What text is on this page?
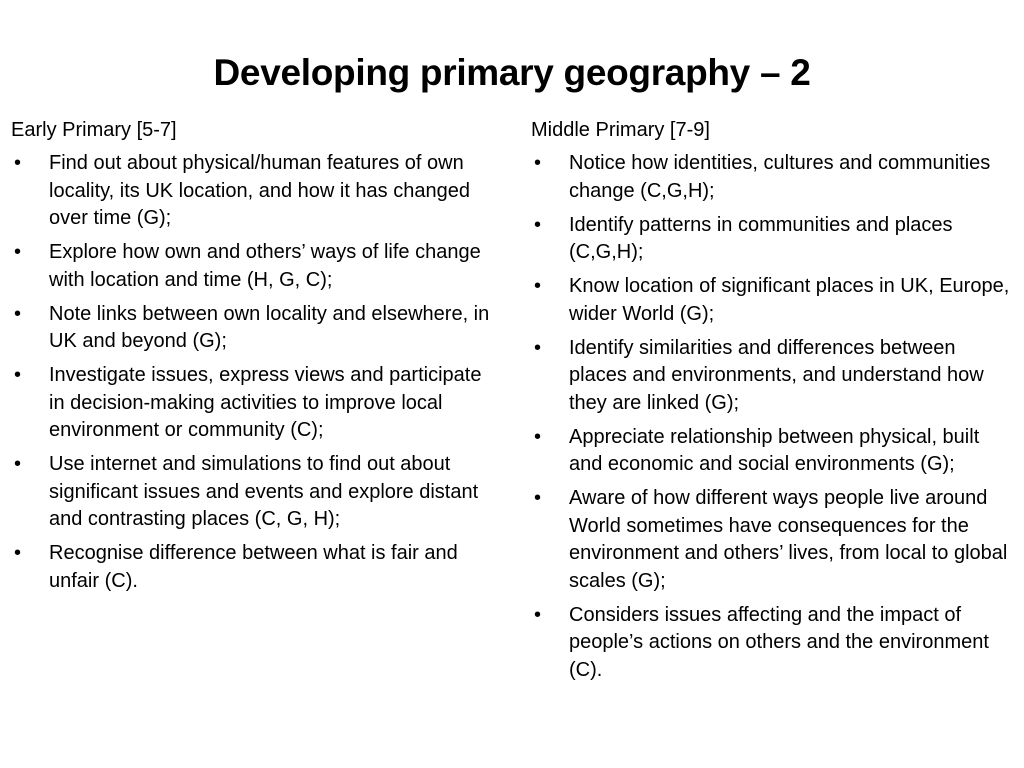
Developing primary geography – 2
Early Primary [5-7]
• Find out about physical/human features of own locality, its UK location, and how it has changed over time (G);
• Explore how own and others’ ways of life change with location and time (H, G, C);
• Note links between own locality and elsewhere, in UK and beyond (G);
• Investigate issues, express views and participate in decision-making activities to improve local environment or community (C);
• Use internet and simulations to find out about significant issues and events and explore distant and contrasting places (C, G, H);
• Recognise difference between what is fair and unfair (C).
Middle Primary [7-9]
• Notice how identities, cultures and communities change (C,G,H);
• Identify patterns in communities and places (C,G,H);
• Know location of significant places in UK, Europe, wider World (G);
• Identify similarities and differences between places and environments, and understand how they are linked (G);
• Appreciate relationship between physical, built and economic and social environments (G);
• Aware of how different ways people live around World sometimes have consequences for the environment and others’ lives, from local to global scales (G);
• Considers issues affecting and the impact of people’s actions on others and the environment (C).
